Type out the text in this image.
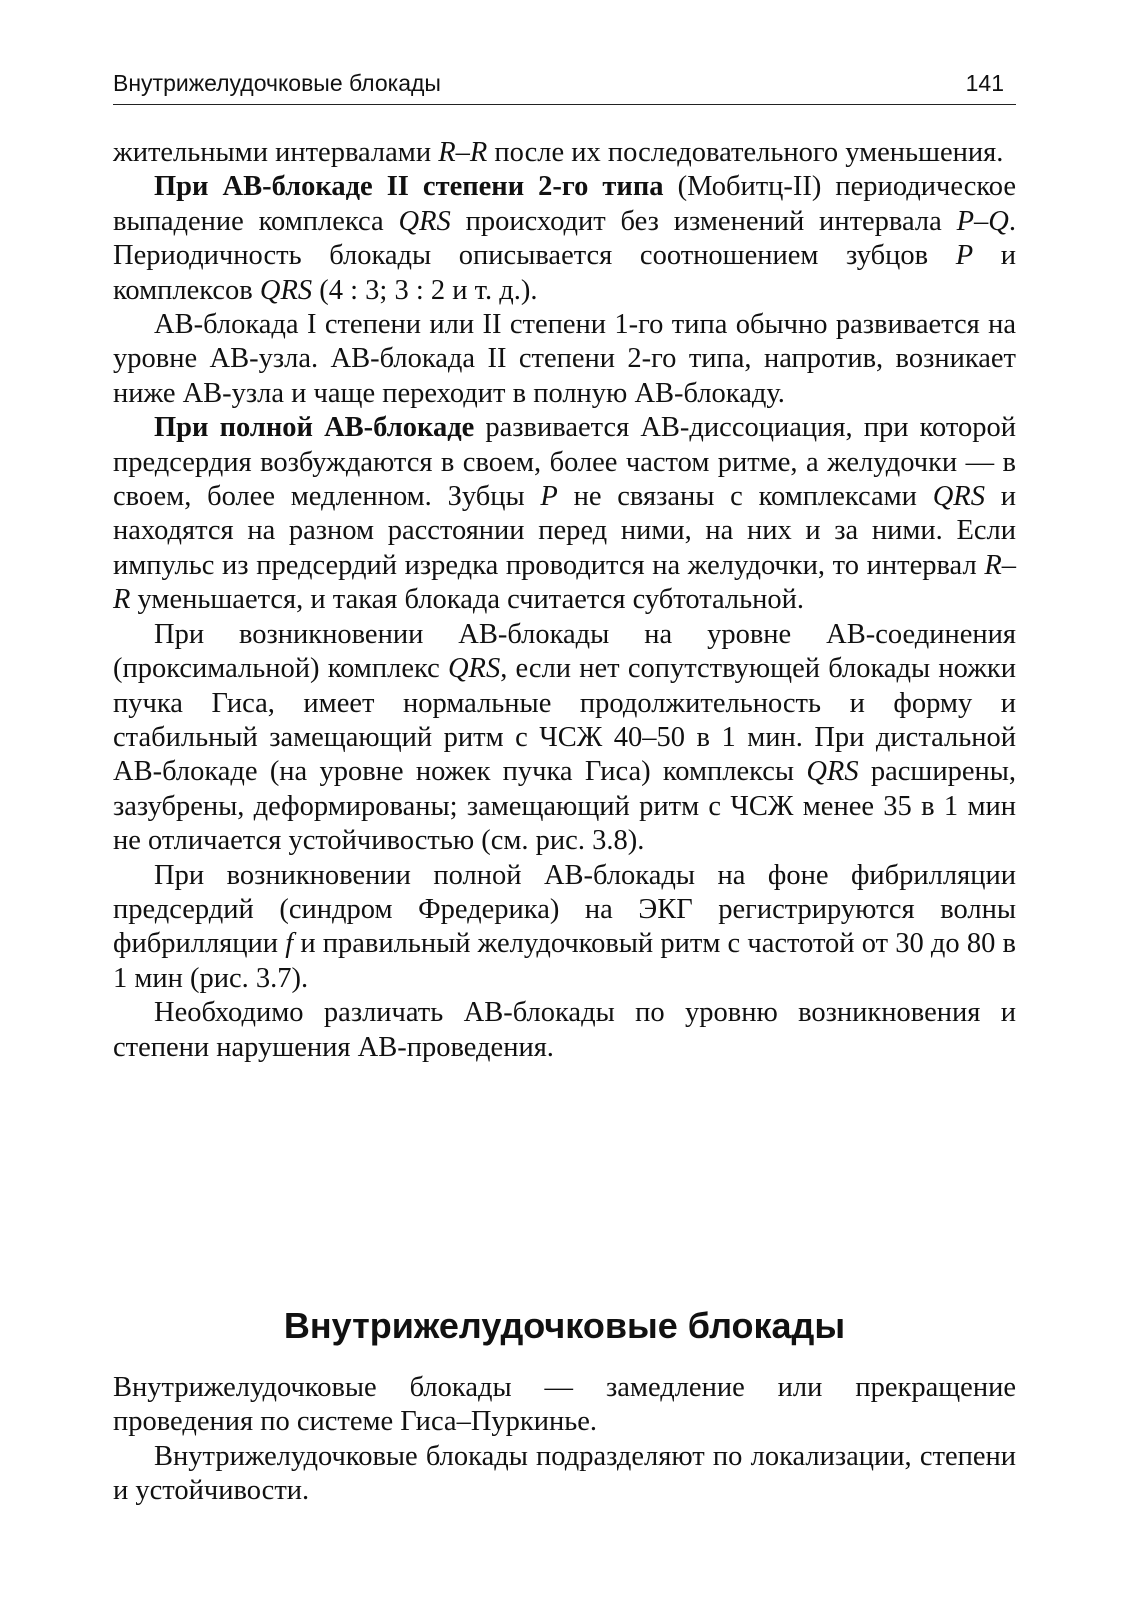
Внутрижелудочковые блокады	141

жительными интервалами R–R после их последовательного уменьшения.

При АВ-блокаде II степени 2-го типа (Мобитц-II) периодическое выпадение комплекса QRS происходит без изменений интервала P–Q. Периодичность блокады описывается соотношением зубцов P и комплексов QRS (4 : 3; 3 : 2 и т. д.).

АВ-блокада I степени или II степени 1-го типа обычно развивается на уровне АВ-узла. АВ-блокада II степени 2-го типа, напротив, возникает ниже АВ-узла и чаще переходит в полную АВ-блокаду.

При полной АВ-блокаде развивается АВ-диссоциация, при которой предсердия возбуждаются в своем, более частом ритме, а желудочки — в своем, более медленном. Зубцы P не связаны с комплексами QRS и находятся на разном расстоянии перед ними, на них и за ними. Если импульс из предсердий изредка проводится на желудочки, то интервал R–R уменьшается, и такая блокада считается субтотальной.

При возникновении АВ-блокады на уровне АВ-соединения (проксимальной) комплекс QRS, если нет сопутствующей блокады ножки пучка Гиса, имеет нормальные продолжительность и форму и стабильный замещающий ритм с ЧСЖ 40–50 в 1 мин. При дистальной АВ-блокаде (на уровне ножек пучка Гиса) комплексы QRS расширены, зазубрены, деформированы; замещающий ритм с ЧСЖ менее 35 в 1 мин не отличается устойчивостью (см. рис. 3.8).

При возникновении полной АВ-блокады на фоне фибрилляции предсердий (синдром Фредерика) на ЭКГ регистрируются волны фибрилляции f и правильный желудочковый ритм с частотой от 30 до 80 в 1 мин (рис. 3.7).

Необходимо различать АВ-блокады по уровню возникновения и степени нарушения АВ-проведения.

Внутрижелудочковые блокады

Внутрижелудочковые блокады — замедление или прекращение проведения по системе Гиса–Пуркинье.

Внутрижелудочковые блокады подразделяют по локализации, степени и устойчивости.
